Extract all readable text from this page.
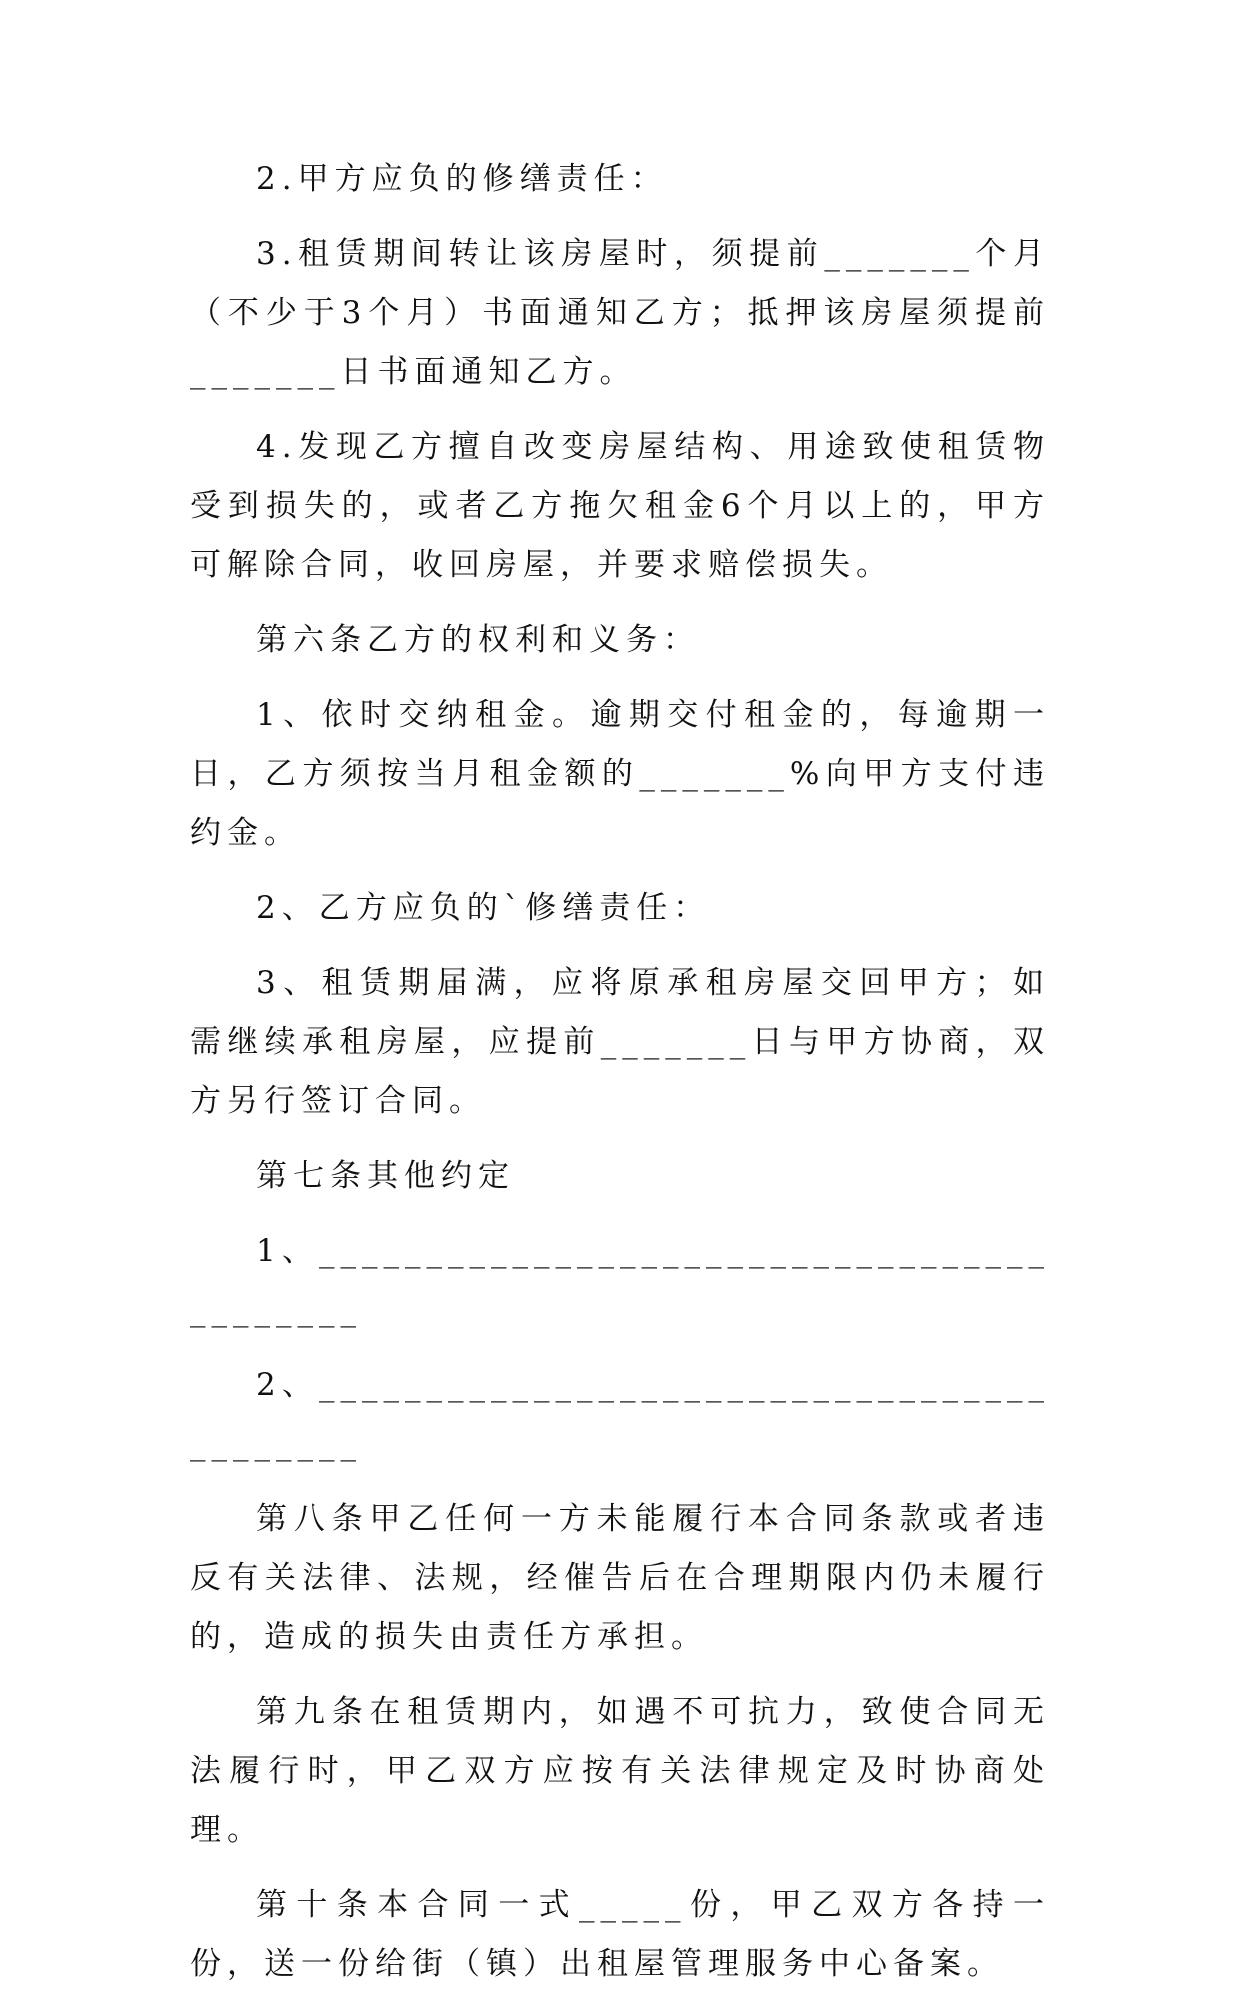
2.甲方应负的修缮责任：

3.租赁期间转让该房屋时，须提前_______个月（不少于3个月）书面通知乙方；抵押该房屋须提前_______日书面通知乙方。

4.发现乙方擅自改变房屋结构、用途致使租赁物受到损失的，或者乙方拖欠租金6个月以上的，甲方可解除合同，收回房屋，并要求赔偿损失。

第六条乙方的权利和义务：

1、依时交纳租金。逾期交付租金的，每逾期一日，乙方须按当月租金额的_______%向甲方支付违约金。

2、乙方应负的`修缮责任：

3、租赁期届满，应将原承租房屋交回甲方；如需继续承租房屋，应提前_______日与甲方协商，双方另行签订合同。

第七条其他约定

1、__________________________________________

2、__________________________________________

第八条甲乙任何一方未能履行本合同条款或者违反有关法律、法规，经催告后在合理期限内仍未履行的，造成的损失由责任方承担。

第九条在租赁期内，如遇不可抗力，致使合同无法履行时，甲乙双方应按有关法律规定及时协商处理。

第十条本合同一式_____份，甲乙双方各持一份，送一份给街（镇）出租屋管理服务中心备案。
